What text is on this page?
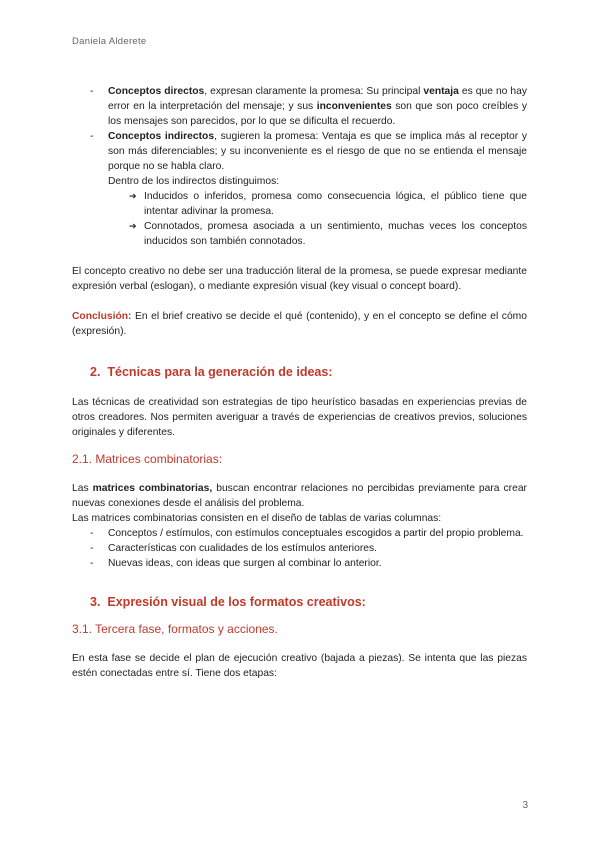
Daniela Alderete
- Conceptos directos, expresan claramente la promesa: Su principal ventaja es que no hay error en la interpretación del mensaje; y sus inconvenientes son que son poco creíbles y los mensajes son parecidos, por lo que se dificulta el recuerdo.
- Conceptos indirectos, sugieren la promesa: Ventaja es que se implica más al receptor y son más diferenciables; y su inconveniente es el riesgo de que no se entienda el mensaje porque no se habla claro.

Dentro de los indirectos distinguimos:

➔ Inducidos o inferidos, promesa como consecuencia lógica, el público tiene que intentar adivinar la promesa.
➔ Connotados, promesa asociada a un sentimiento, muchas veces los conceptos inducidos son también connotados.

El concepto creativo no debe ser una traducción literal de la promesa, se puede expresar mediante expresión verbal (eslogan), o mediante expresión visual (key visual o concept board).

Conclusión: En el brief creativo se decide el qué (contenido), y en el concepto se define el cómo (expresión).

2. Técnicas para la generación de ideas:

Las técnicas de creatividad son estrategias de tipo heurístico basadas en experiencias previas de otros creadores. Nos permiten averiguar a través de experiencias de creativos previos, soluciones originales y diferentes.

2.1. Matrices combinatorias:

Las matrices combinatorias, buscan encontrar relaciones no percibidas previamente para crear nuevas conexiones desde el análisis del problema.

Las matrices combinatorias consisten en el diseño de tablas de varias columnas:

- Conceptos / estímulos, con estímulos conceptuales escogidos a partir del propio problema.
- Características con cualidades de los estímulos anteriores.
- Nuevas ideas, con ideas que surgen al combinar lo anterior.

3. Expresión visual de los formatos creativos:

3.1. Tercera fase, formatos y acciones.

En esta fase se decide el plan de ejecución creativo (bajada a piezas). Se intenta que las piezas estén conectadas entre sí. Tiene dos etapas:

3
